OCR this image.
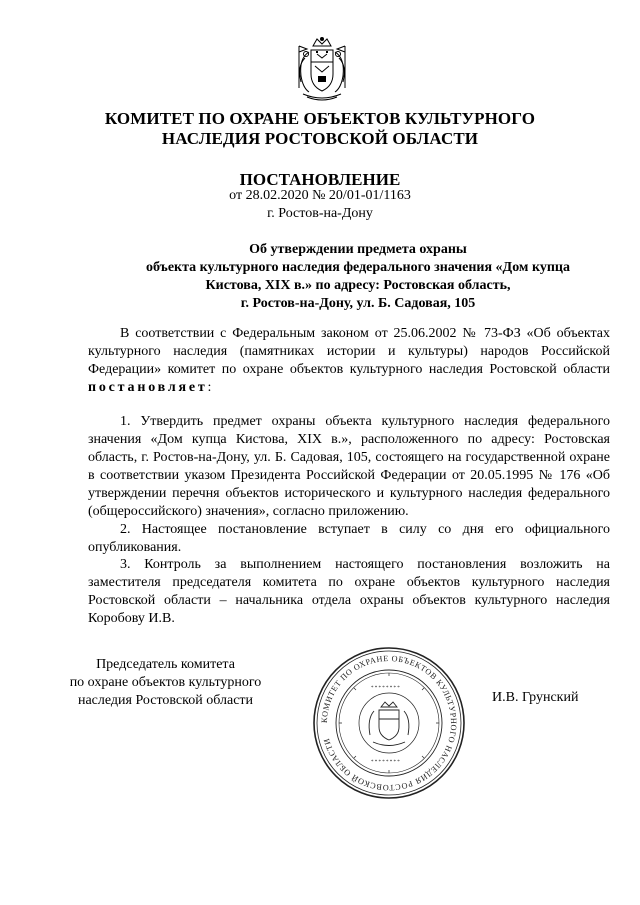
КОМИТЕТ ПО ОХРАНЕ ОБЪЕКТОВ КУЛЬТУРНОГО
НАСЛЕДИЯ РОСТОВСКОЙ ОБЛАСТИ
ПОСТАНОВЛЕНИЕ
от 28.02.2020 № 20/01-01/1163
г. Ростов-на-Дону
Об утверждении предмета охраны
объекта культурного наследия федерального значения «Дом купца
Кистова, XIX в.» по адресу: Ростовская область,
г. Ростов-на-Дону, ул. Б. Садовая, 105
В соответствии с Федеральным законом от 25.06.2002 № 73-ФЗ «Об объектах культурного наследия (памятниках истории и культуры) народов Российской Федерации» комитет по охране объектов культурного наследия Ростовской области постановляет:
1. Утвердить предмет охраны объекта культурного наследия федерального значения «Дом купца Кистова, XIX в.», расположенного по адресу: Ростовская область, г. Ростов-на-Дону, ул. Б. Садовая, 105, состоящего на государственной охране в соответствии указом Президента Российской Федерации от 20.05.1995 № 176 «Об утверждении перечня объектов исторического и культурного наследия федерального (общероссийского) значения», согласно приложению.
2. Настоящее постановление вступает в силу со дня его официального опубликования.
3. Контроль за выполнением настоящего постановления возложить на заместителя председателя комитета по охране объектов культурного наследия Ростовской области – начальника отдела охраны объектов культурного наследия Коробову И.В.
Председатель комитета
по охране объектов культурного
наследия Ростовской области
КОМИТЕТ ПО ОХРАНЕ ОБЪЕКТОВ КУЛЬТУРНОГО НАСЛЕДИЯ РОСТОВСКОЙ ОБЛАСТИ
* * * * * * * *
* * * * * * * *
И.В. Грунский
